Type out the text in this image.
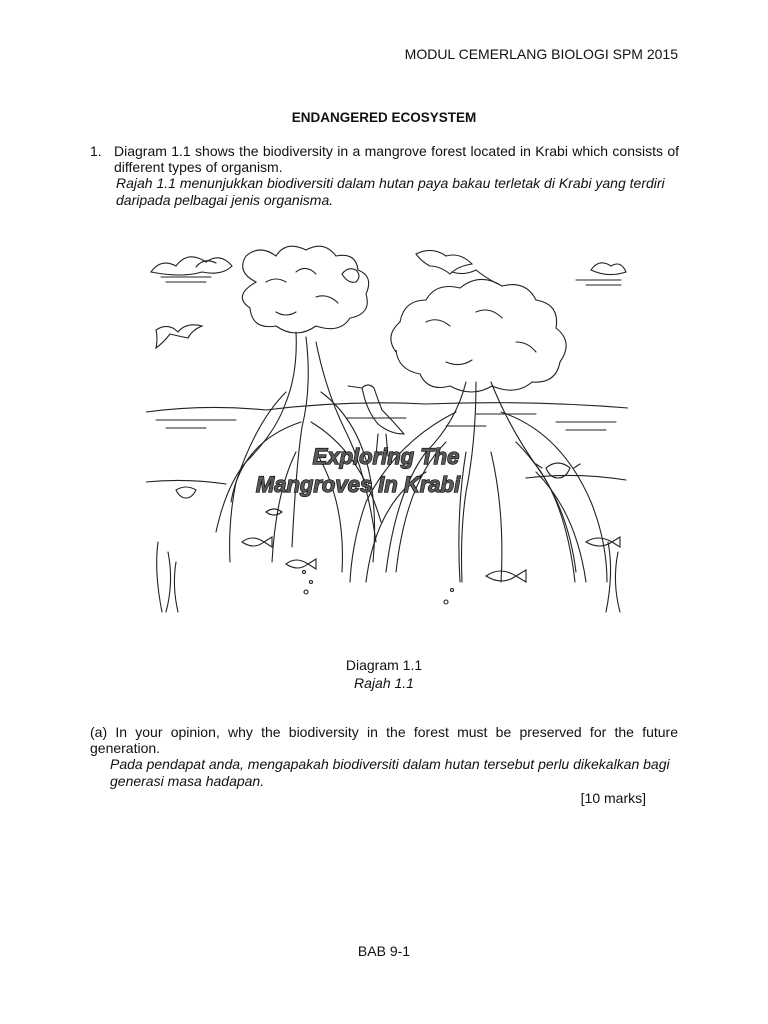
MODUL CEMERLANG BIOLOGI SPM 2015
ENDANGERED ECOSYSTEM
1. Diagram 1.1 shows the biodiversity in a mangrove forest located in Krabi which consists of different types of organism.
Rajah 1.1 menunjukkan biodiversiti dalam hutan paya bakau terletak di Krabi yang terdiri daripada pelbagai jenis organisma.
Exploring The
Mangroves In Krabi
Diagram 1.1
Rajah 1.1
(a) In your opinion, why the biodiversity in the forest must be preserved for the future generation.
Pada pendapat anda, mengapakah biodiversiti dalam hutan tersebut perlu dikekalkan bagi generasi masa hadapan.
[10 marks]
BAB 9-1
